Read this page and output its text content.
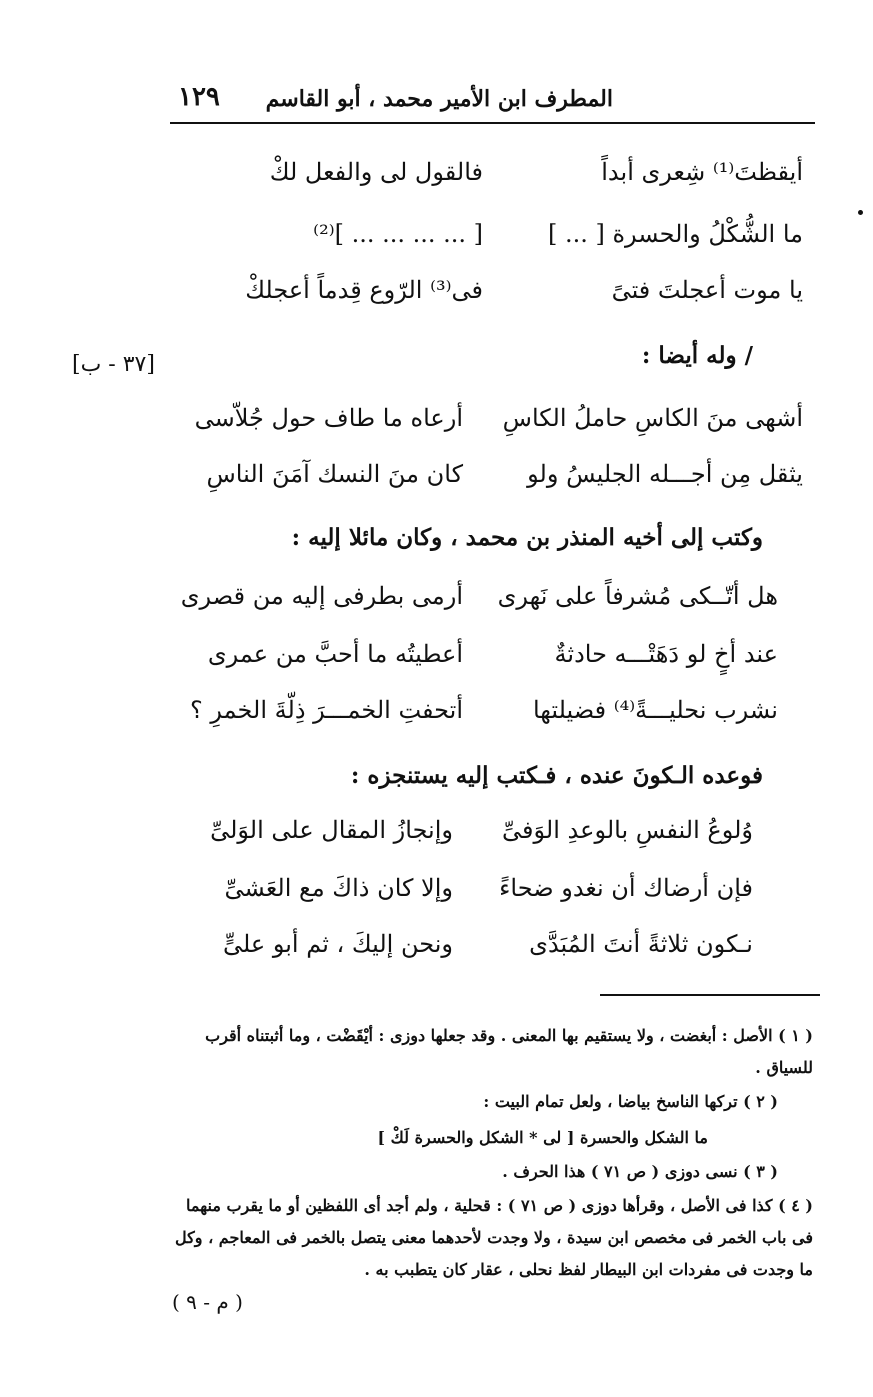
المطرف ابن الأمير محمد ، أبو القاسم
١٢٩
أيقظتَ⁽¹⁾ شِعرى أبداً
فالقول لى والفعل لكْ
ما الشُّكْلُ والحسرة [ ... ]
[ ... ... ... ... ]⁽²⁾
يا موت أعجلتَ فتىً
فى⁽³⁾ الرّوع قِدماً أعجلكْ
/ وله أيضا :
[٣٧ - ب]
أشهى منَ الكاسِ حاملُ الكاسِ
أرعاه ما طاف حول جُلاّسى
يثقل مِن أجـــله الجليسُ ولو
كان منَ النسك آمَنَ الناسِ
وكتب إلى أخيه المنذر بن محمد ، وكان مائلا إليه :
هل أتّــكى مُشرفاً على نَهرى
أرمى بطرفى إليه من قصرى
عند أخٍ لو دَهَتْـــه حادثةٌ
أعطيتُه ما أحبَّ من عمرى
نشرب نحليـــةً⁽⁴⁾ فضيلتها
أتحفتِ الخمـــرَ ذِلّةَ الخمرِ ؟
فوعده الـكونَ عنده ، فـكتب إليه يستنجزه :
وُلوعُ النفسِ بالوعدِ الوَفىِّ
وإنجازُ المقال على الوَلىِّ
فإن أرضاك أن نغدو ضحاءً
وإلا كان ذاكَ مع العَشىِّ
نـكون ثلاثةً أنتَ المُبَدَّى
ونحن إليكَ ، ثم أبو علىٍّ
( ١ ) الأصل : أبغضت ، ولا يستقيم بها المعنى . وقد جعلها دوزى : أيْقَضْت ، وما أثبتناه أقرب للسياق .
( ٢ ) تركها الناسخ بياضا ، ولعل تمام البيت :
ما الشكل والحسرة [ لى * الشكل والحسرة لَكْ ]
( ٣ ) نسى دوزى ( ص ٧١ ) هذا الحرف .
( ٤ ) كذا فى الأصل ، وقرأها دوزى ( ص ٧١ ) : قحلية ، ولم أجد أى اللفظين أو ما يقرب منهما فى باب الخمر فى مخصص ابن سيدة ، ولا وجدت لأحدهما معنى يتصل بالخمر فى المعاجم ، وكل ما وجدت فى مفردات ابن البيطار لفظ نحلى ، عقار كان يتطبب به .
( م - ٩ )
